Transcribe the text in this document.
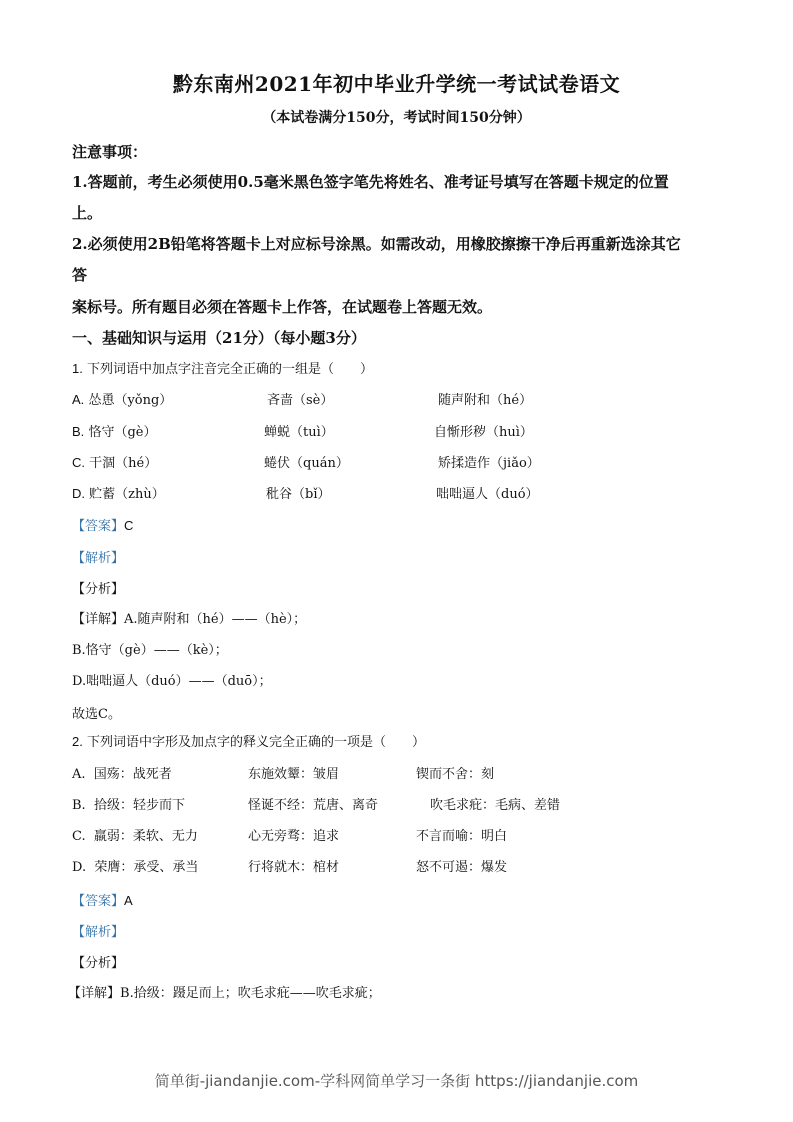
黔东南州2021年初中毕业升学统一考试试卷语文
（本试卷满分150分，考试时间150分钟）
注意事项：
1.答题前，考生必须使用0.5毫米黑色签字笔先将姓名、准考证号填写在答题卡规定的位置
上。
2.必须使用2B铅笔将答题卡上对应标号涂黑。如需改动，用橡胶擦擦干净后再重新选涂其它
答
案标号。所有题目必须在答题卡上作答，在试题卷上答题无效。
一、基础知识与运用（21分）（每小题3分）
1. 下列词语中加点字注音完全正确的一组是（　　）
A. 怂恿（yǒng）	吝啬（sè）	随声附和（hé）
B. 恪守（gè）	蝉蜕（tuì）	自惭形秽（huì）
C. 干涸（hé）	蜷伏（quán）	矫揉造作（jiǎo）
D. 贮蓄（zhù）	秕谷（bǐ）	咄咄逼人（duó）
【答案】C
【解析】
【分析】
【详解】A.随声附和（hé）——（hè）；
B.恪守（gè）——（kè）；
D.咄咄逼人（duó）——（duō）；
故选C。
2. 下列词语中字形及加点字的释义完全正确的一项是（　　）
A. 国殇：战死者	东施效颦：皱眉	锲而不舍：刻
B. 拾级：轻步而下	怪诞不经：荒唐、离奇	吹毛求疪：毛病、差错
C. 羸弱：柔软、无力	心无旁骛：追求	不言而喻：明白
D. 荣膺：承受、承当	行将就木：棺材	怒不可遏：爆发
【答案】A
【解析】
【分析】
【详解】B.拾级：蹑足而上；吹毛求疪——吹毛求疵；
简单街-jiandanjie.com-学科网简单学习一条街 https://jiandanjie.com
